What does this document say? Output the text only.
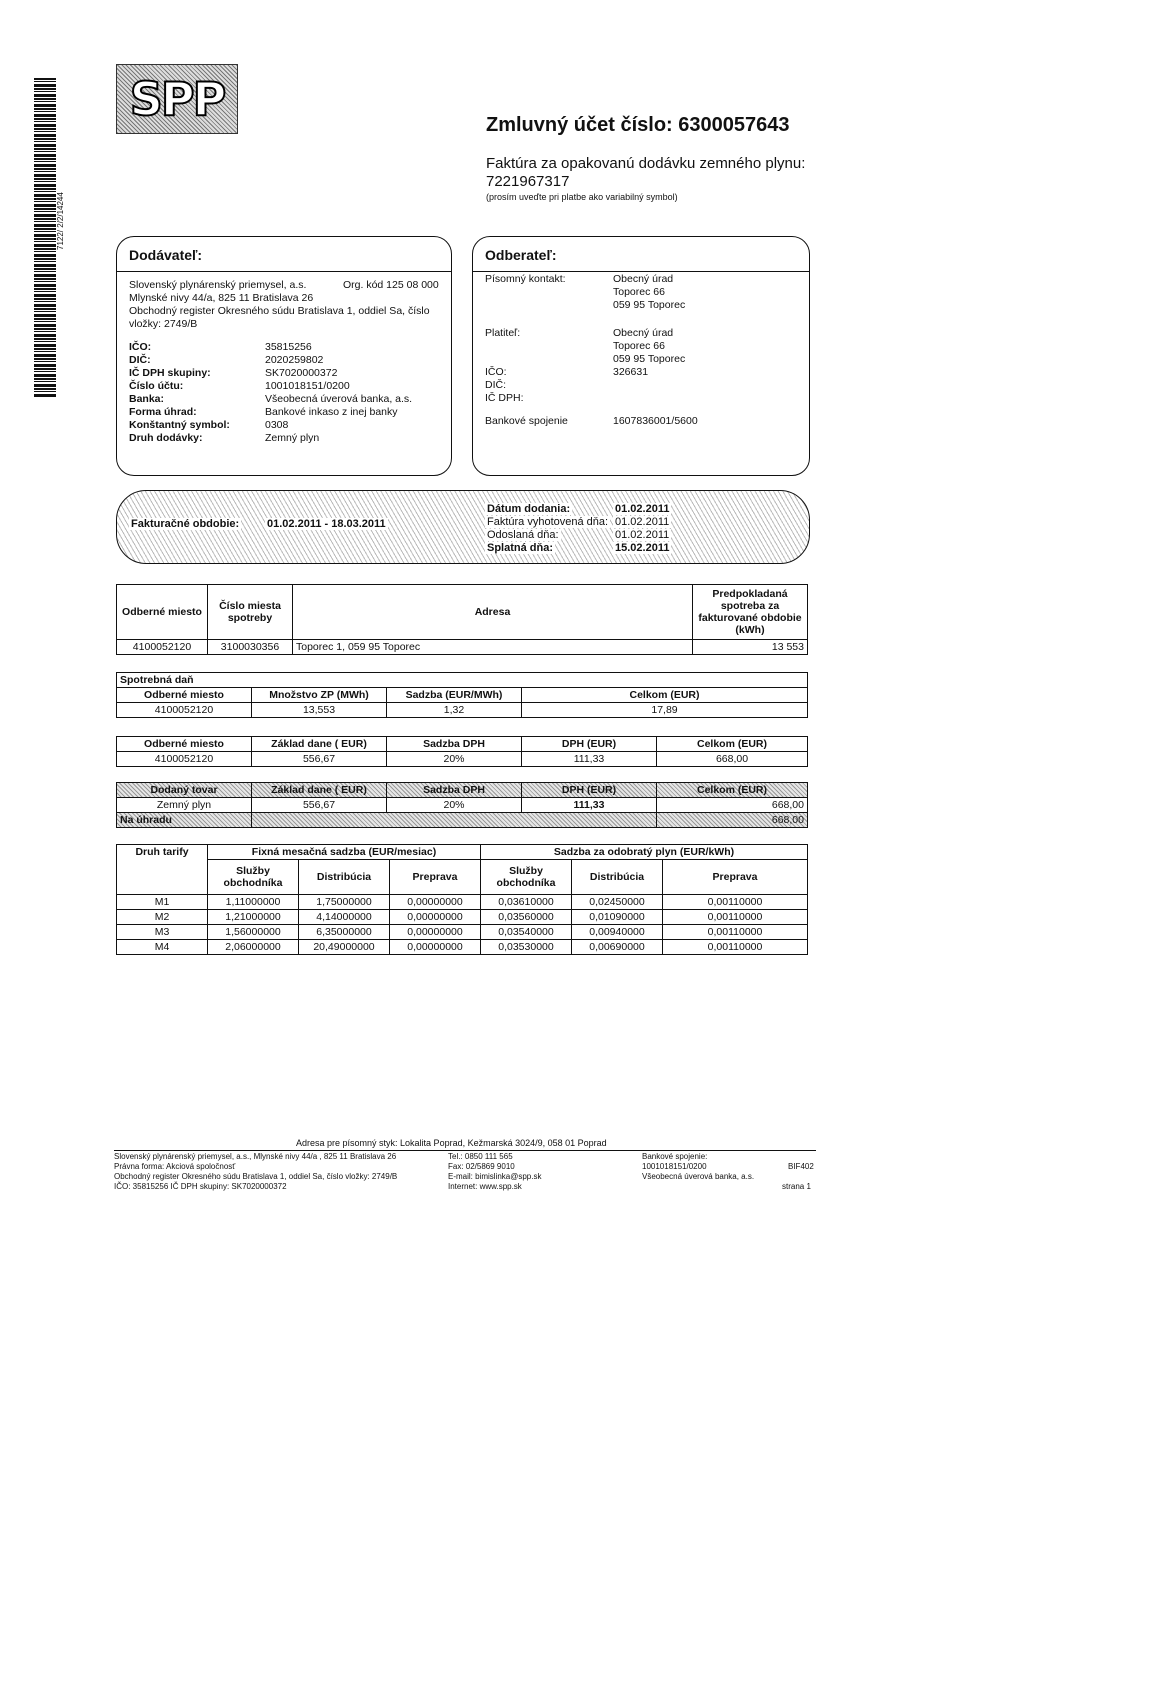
7122/ 2/2/14244
SPP	Zmluvný účet číslo: 6300057643
Faktúra za opakovanú dodávku zemného plynu:
7221967317
(prosím uveďte pri platbe ako variabilný symbol)
Dodávateľ:
Slovenský plynárenský priemysel, a.s.	Org. kód 125 08 000
Mlynské nivy 44/a, 825 11 Bratislava 26
Obchodný register Okresného súdu Bratislava 1, oddiel Sa, číslo
vložky: 2749/B
IČO:	35815256
DIČ:	2020259802
IČ DPH skupiny:	SK7020000372
Číslo účtu:	1001018151/0200
Banka:	Všeobecná úverová banka, a.s.
Forma úhrad:	Bankové inkaso z inej banky
Konštantný symbol:	0308
Druh dodávky:	Zemný plyn
Odberateľ:
Písomný kontakt:	Obecný úrad
Toporec 66
059 95 Toporec
Platiteľ:	Obecný úrad
Toporec 66
059 95 Toporec
IČO:	326631
DIČ:
IČ DPH:
Bankové spojenie	1607836001/5600
Fakturačné obdobie:	01.02.2011 - 18.03.2011
Dátum dodania:	01.02.2011
Faktúra vyhotovená dňa: 01.02.2011
Odoslaná dňa:	01.02.2011
Splatná dňa:	15.02.2011
Odberné miesto	Číslo miesta spotreby	Adresa	Predpokladaná spotreba za fakturované obdobie (kWh)
4100052120	3100030356	Toporec 1, 059 95 Toporec	13 553
Spotrebná daň			
Odberné miesto	Množstvo ZP (MWh)	Sadzba (EUR/MWh)	Celkom (EUR)
4100052120	13,553	1,32	17,89
Odberné miesto	Základ dane ( EUR)	Sadzba DPH	DPH (EUR)	Celkom (EUR)
4100052120	556,67	20%	111,33	668,00
Dodaný tovar	Základ dane ( EUR)	Sadzba DPH	DPH (EUR)	Celkom (EUR)
Zemný plyn	556,67	20%	111,33	668,00
Na úhradu				668,00
Druh tarify	Fixná mesačná sadzba (EUR/mesiac)			Sadzba za odobratý plyn (EUR/kWh)		
	Služby obchodníka	Distribúcia	Preprava	Služby obchodníka	Distribúcia	Preprava
M1	1,11000000	1,75000000	0,00000000	0,03610000	0,02450000	0,00110000
M2	1,21000000	4,14000000	0,00000000	0,03560000	0,01090000	0,00110000
M3	1,56000000	6,35000000	0,00000000	0,03540000	0,00940000	0,00110000
M4	2,06000000	20,49000000	0,00000000	0,03530000	0,00690000	0,00110000
Adresa pre písomný styk: Lokalita Poprad, Kežmarská 3024/9, 058 01 Poprad
Slovenský plynárenský priemysel, a.s., Mlynské nivy 44/a , 825 11 Bratislava 26
Právna forma: Akciová spoločnosť
Obchodný register Okresného súdu Bratislava 1, oddiel Sa, číslo vložky: 2749/B
IČO: 35815256 IČ DPH skupiny: SK7020000372
Tel.: 0850 111 565
Fax: 02/5869 9010
E-mail: bimislinka@spp.sk
Internet: www.spp.sk
Bankové spojenie:
1001018151/0200
Všeobecná úverová banka, a.s.
BIF402
strana 1
